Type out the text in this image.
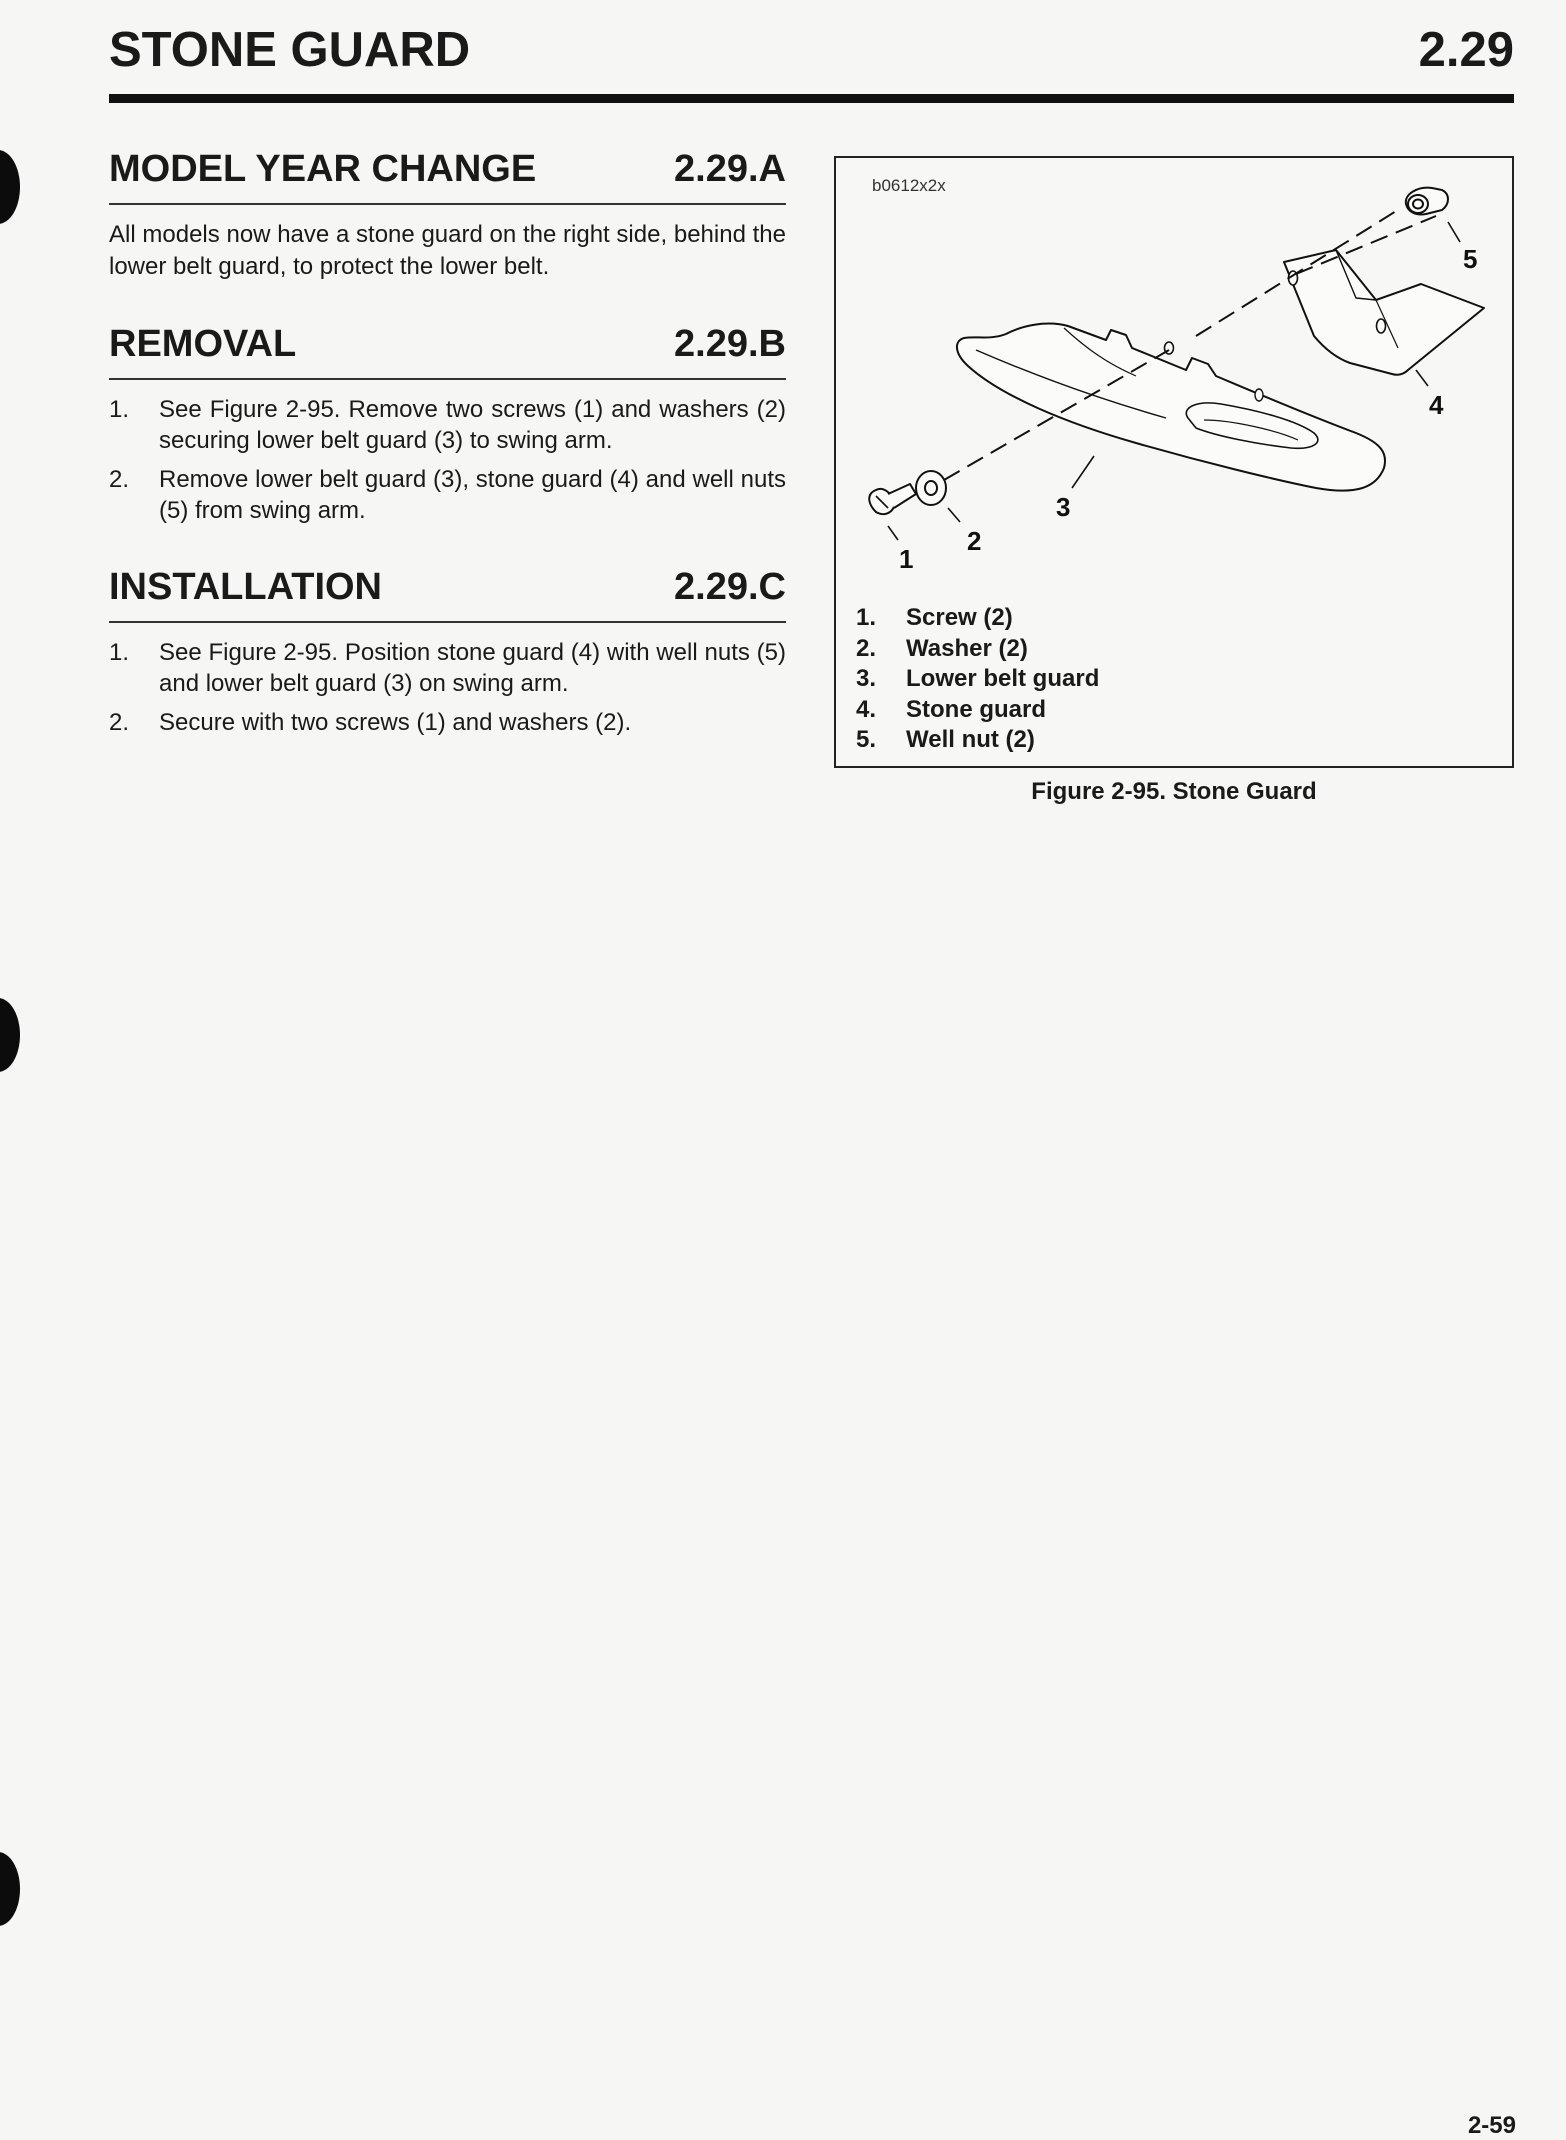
STONE GUARD	2.29
MODEL YEAR CHANGE	2.29.A

All models now have a stone guard on the right side, behind the lower belt guard, to protect the lower belt.

REMOVAL	2.29.B
1.	See Figure 2-95. Remove two screws (1) and washers (2) securing lower belt guard (3) to swing arm.
2.	Remove lower belt guard (3), stone guard (4) and well nuts (5) from swing arm.
INSTALLATION	2.29.C
1.	See Figure 2-95. Position stone guard (4) with well nuts (5) and lower belt guard (3) on swing arm.
2.	Secure with two screws (1) and washers (2).
b0612x2x
5
4
3
2
1
1.	Screw (2)
2.	Washer (2)
3.	Lower belt guard
4.	Stone guard
5.	Well nut (2)
Figure 2-95. Stone Guard
2-59
